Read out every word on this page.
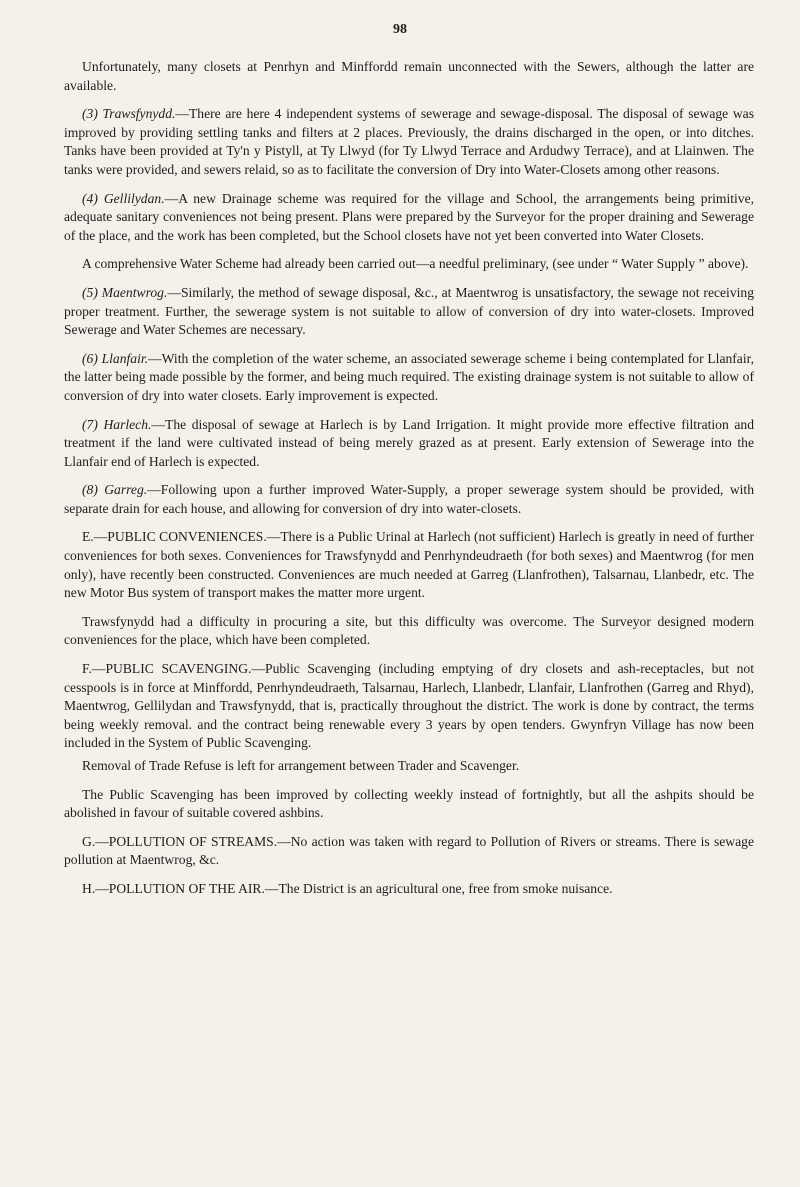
98

Unfortunately, many closets at Penrhyn and Minffordd remain unconnected with the Sewers, although the latter are available.

(3) Trawsfynydd.—There are here 4 independent systems of sewerage and sewage-disposal. The disposal of sewage was improved by providing settling tanks and filters at 2 places. Previously, the drains discharged in the open, or into ditches. Tanks have been provided at Ty'n y Pistyll, at Ty Llwyd (for Ty Llwyd Terrace and Ardudwy Terrace), and at Llainwen. The tanks were provided, and sewers relaid, so as to facilitate the conversion of Dry into Water-Closets among other reasons.

(4) Gellilydan.—A new Drainage scheme was required for the village and School, the arrangements being primitive, adequate sanitary conveniences not being present. Plans were prepared by the Surveyor for the proper draining and Sewerage of the place, and the work has been completed, but the School closets have not yet been converted into Water Closets.

A comprehensive Water Scheme had already been carried out—a needful preliminary, (see under “ Water Supply ” above).

(5) Maentwrog.—Similarly, the method of sewage disposal, &c., at Maentwrog is unsatisfactory, the sewage not receiving proper treatment. Further, the sewerage system is not suitable to allow of conversion of dry into water-closets. Improved Sewerage and Water Schemes are necessary.

(6) Llanfair.—With the completion of the water scheme, an associated sewerage scheme i being contemplated for Llanfair, the latter being made possible by the former, and being much required. The existing drainage system is not suitable to allow of conversion of dry into water closets. Early improvement is expected.

(7) Harlech.—The disposal of sewage at Harlech is by Land Irrigation. It might provide more effective filtration and treatment if the land were cultivated instead of being merely grazed as at present. Early extension of Sewerage into the Llanfair end of Harlech is expected.

(8) Garreg.—Following upon a further improved Water-Supply, a proper sewerage system should be provided, with separate drain for each house, and allowing for conversion of dry into water-closets.

E.—PUBLIC CONVENIENCES.—There is a Public Urinal at Harlech (not sufficient) Harlech is greatly in need of further conveniences for both sexes. Conveniences for Trawsfynydd and Penrhyndeudraeth (for both sexes) and Maentwrog (for men only), have recently been constructed. Conveniences are much needed at Garreg (Llanfrothen), Talsarnau, Llanbedr, etc. The new Motor Bus system of transport makes the matter more urgent.

Trawsfynydd had a difficulty in procuring a site, but this difficulty was overcome. The Surveyor designed modern conveniences for the place, which have been completed.

F.—PUBLIC SCAVENGING.—Public Scavenging (including emptying of dry closets and ash-receptacles, but not cesspools is in force at Minffordd, Penrhyndeudraeth, Talsarnau, Harlech, Llanbedr, Llanfair, Llanfrothen (Garreg and Rhyd), Maentwrog, Gellilydan and Trawsfynydd, that is, practically throughout the district. The work is done by contract, the terms being weekly removal. and the contract being renewable every 3 years by open tenders. Gwynfryn Village has now been included in the System of Public Scavenging.

Removal of Trade Refuse is left for arrangement between Trader and Scavenger.

The Public Scavenging has been improved by collecting weekly instead of fortnightly, but all the ashpits should be abolished in favour of suitable covered ashbins.

G.—POLLUTION OF STREAMS.—No action was taken with regard to Pollution of Rivers or streams. There is sewage pollution at Maentwrog, &c.

H.—POLLUTION OF THE AIR.—The District is an agricultural one, free from smoke nuisance.
